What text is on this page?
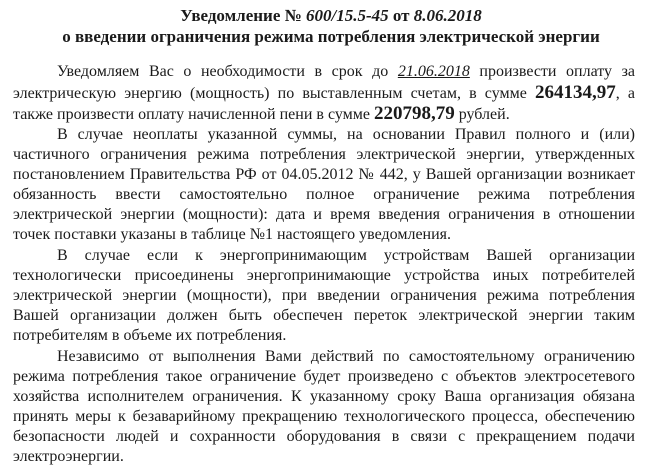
Уведомление № 600/15.5-45 от 8.06.2018
о введении ограничения режима потребления электрической энергии
Уведомляем Вас о необходимости в срок до 21.06.2018 произвести оплату за
электрическую энергию (мощность) по выставленным счетам, в сумме 264134,97, а
также произвести оплату начисленной пени в сумме 220798,79 рублей.
В случае неоплаты указанной суммы, на основании Правил полного и (или)
частичного ограничения режима потребления электрической энергии, утвержденных
постановлением Правительства РФ от 04.05.2012 № 442, у Вашей организации возникает
обязанность ввести самостоятельно полное ограничение режима потребления
электрической энергии (мощности): дата и время введения ограничения в отношении
точек поставки указаны в таблице №1 настоящего уведомления.
В случае если к энергопринимающим устройствам Вашей организации
технологически присоединены энергопринимающие устройства иных потребителей
электрической энергии (мощности), при введении ограничения режима потребления
Вашей организации должен быть обеспечен переток электрической энергии таким
потребителям в объеме их потребления.
Независимо от выполнения Вами действий по самостоятельному ограничению
режима потребления такое ограничение будет произведено с объектов электросетевого
хозяйства исполнителем ограничения. К указанному сроку Ваша организация обязана
принять меры к безаварийному прекращению технологического процесса, обеспечению
безопасности людей и сохранности оборудования в связи с прекращением подачи
электроэнергии.
